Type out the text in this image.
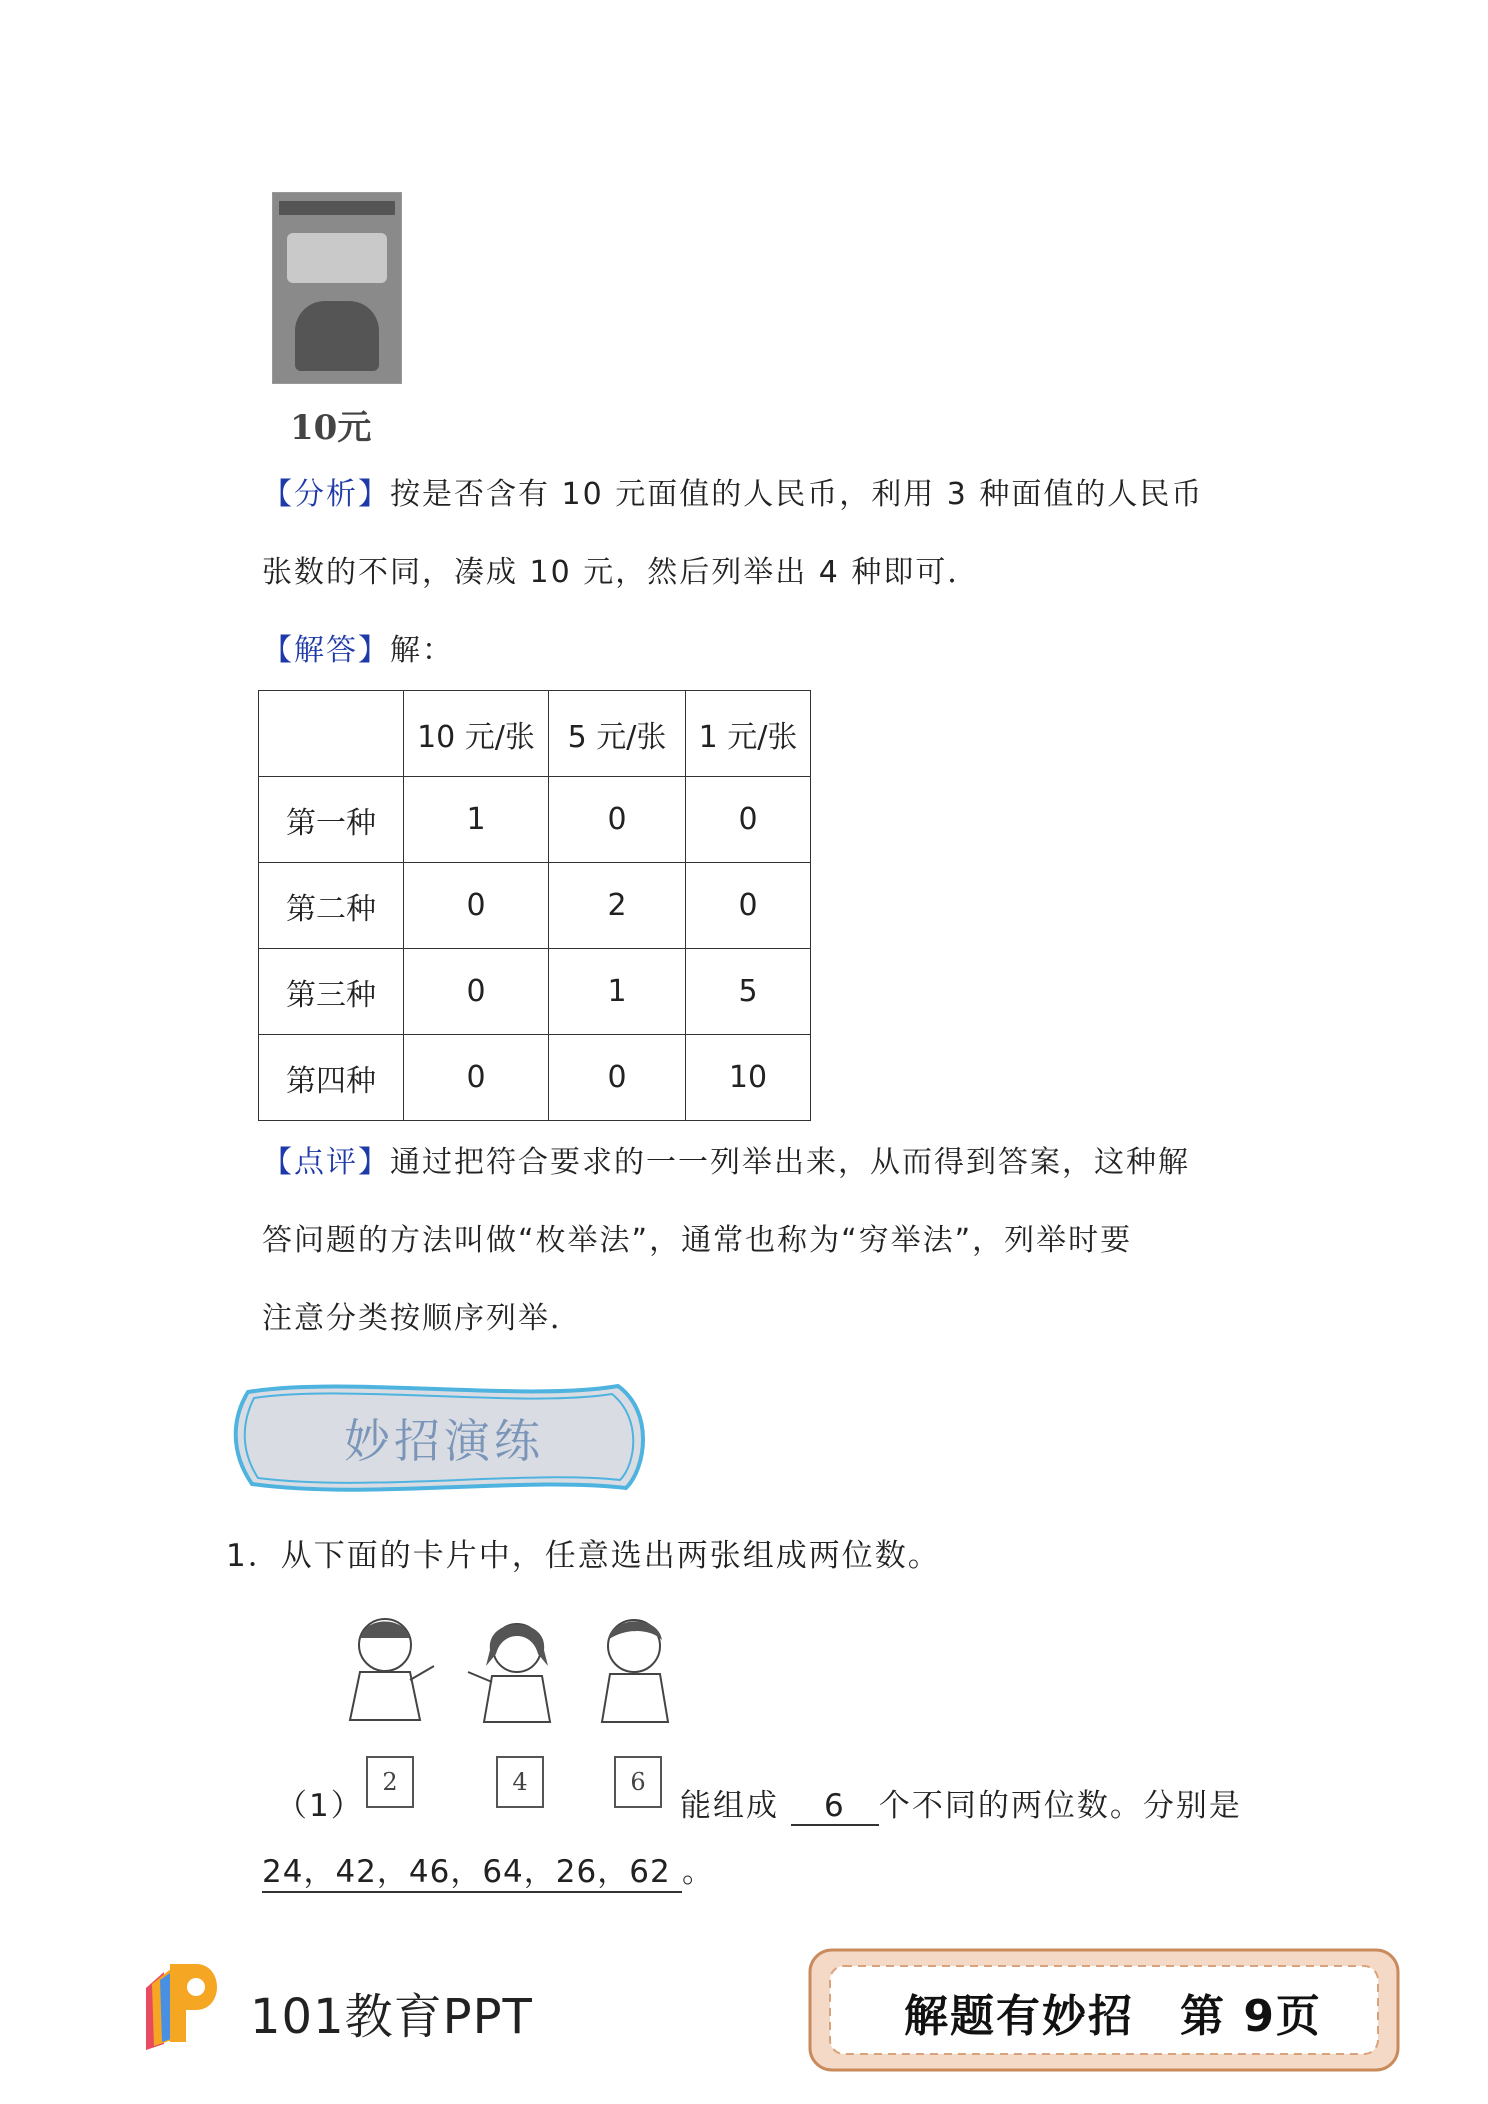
10元
【分析】按是否含有 10 元面值的人民币，利用 3 种面值的人民币
张数的不同，凑成 10 元，然后列举出 4 种即可．
【解答】解：
	10 元/张	5 元/张	1 元/张
第一种	1	0	0
第二种	0	2	0
第三种	0	1	5
第四种	0	0	10
【点评】通过把符合要求的一一列举出来，从而得到答案，这种解
答问题的方法叫做“枚举法”，通常也称为“穷举法”，列举时要
注意分类按顺序列举．
妙招演练
1．从下面的卡片中，任意选出两张组成两位数。
2	4	6
（1）	能组成 6 个不同的两位数。分别是
24，42，46，64，26，62 。
101教育PPT	解题有妙招　第 9页
